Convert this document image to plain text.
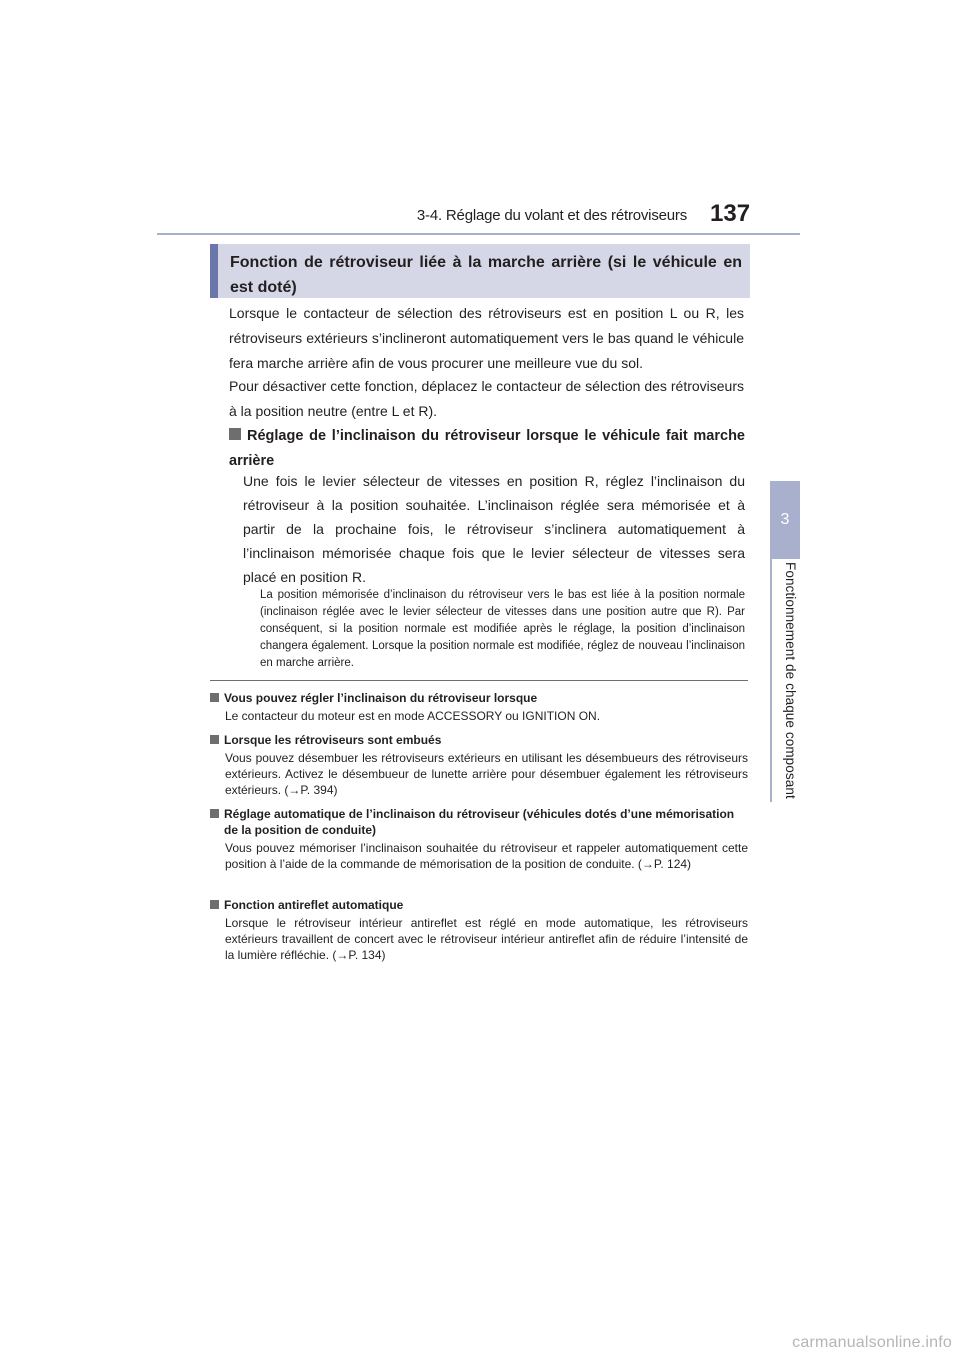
3-4. Réglage du volant et des rétroviseurs 137
3
Fonctionnement de chaque composant
Fonction de rétroviseur liée à la marche arrière (si le véhicule en est doté)
Lorsque le contacteur de sélection des rétroviseurs est en position L ou R, les rétroviseurs extérieurs s’inclineront automatiquement vers le bas quand le véhicule fera marche arrière afin de vous procurer une meilleure vue du sol.
Pour désactiver cette fonction, déplacez le contacteur de sélection des rétroviseurs à la position neutre (entre L et R).
Réglage de l’inclinaison du rétroviseur lorsque le véhicule fait marche arrière
Une fois le levier sélecteur de vitesses en position R, réglez l’inclinaison du rétroviseur à la position souhaitée. L’inclinaison réglée sera mémorisée et à partir de la prochaine fois, le rétroviseur s’inclinera automatiquement à l’inclinaison mémorisée chaque fois que le levier sélecteur de vitesses sera placé en position R.
La position mémorisée d’inclinaison du rétroviseur vers le bas est liée à la position normale (inclinaison réglée avec le levier sélecteur de vitesses dans une position autre que R). Par conséquent, si la position normale est modifiée après le réglage, la position d’inclinaison changera également. Lorsque la position normale est modifiée, réglez de nouveau l’inclinaison en marche arrière.
Vous pouvez régler l’inclinaison du rétroviseur lorsque
Le contacteur du moteur est en mode ACCESSORY ou IGNITION ON.
Lorsque les rétroviseurs sont embués
Vous pouvez désembuer les rétroviseurs extérieurs en utilisant les désembueurs des rétroviseurs extérieurs. Activez le désembueur de lunette arrière pour désembuer également les rétroviseurs extérieurs. (→P. 394)
Réglage automatique de l’inclinaison du rétroviseur (véhicules dotés d’une mémorisation de la position de conduite)
Vous pouvez mémoriser l’inclinaison souhaitée du rétroviseur et rappeler automatiquement cette position à l’aide de la commande de mémorisation de la position de conduite. (→P. 124)
Fonction antireflet automatique
Lorsque le rétroviseur intérieur antireflet est réglé en mode automatique, les rétroviseurs extérieurs travaillent de concert avec le rétroviseur intérieur antireflet afin de réduire l’intensité de la lumière réfléchie. (→P. 134)
carmanualsonline.info
